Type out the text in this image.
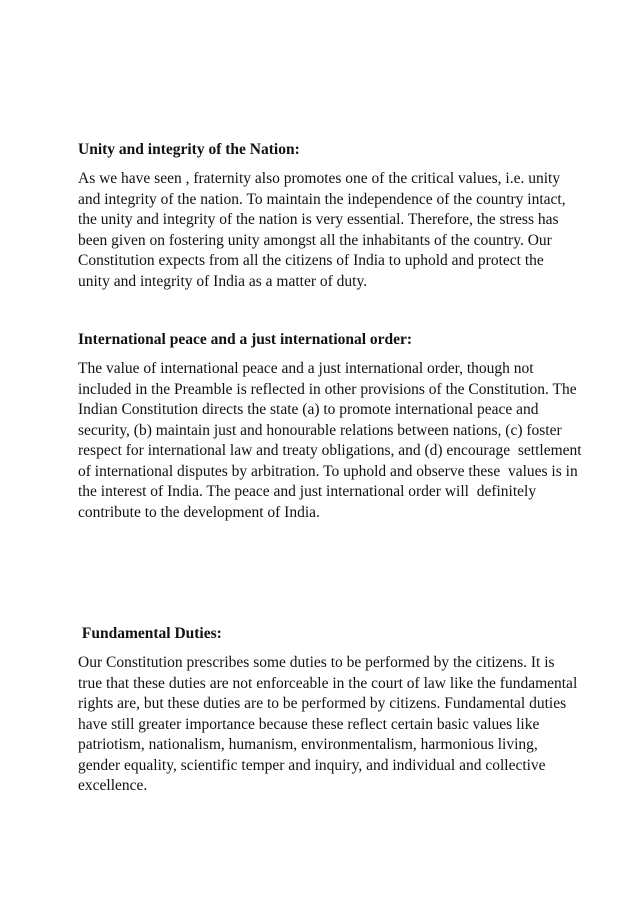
Unity and integrity of the Nation:

As we have seen , fraternity also promotes one of the critical values, i.e. unity
and integrity of the nation. To maintain the independence of the country intact,
the unity and integrity of the nation is very essential. Therefore, the stress has
been given on fostering unity amongst all the inhabitants of the country. Our
Constitution expects from all the citizens of India to uphold and protect the
unity and integrity of India as a matter of duty.

International peace and a just international order:

The value of international peace and a just international order, though not
included in the Preamble is reflected in other provisions of the Constitution. The
Indian Constitution directs the state (a) to promote international peace and
security, (b) maintain just and honourable relations between nations, (c) foster
respect for international law and treaty obligations, and (d) encourage  settlement
of international disputes by arbitration. To uphold and observe these  values is in
the interest of India. The peace and just international order will  definitely
contribute to the development of India.

Fundamental Duties:

Our Constitution prescribes some duties to be performed by the citizens. It is
true that these duties are not enforceable in the court of law like the fundamental
rights are, but these duties are to be performed by citizens. Fundamental duties
have still greater importance because these reflect certain basic values like
patriotism, nationalism, humanism, environmentalism, harmonious living,
gender equality, scientific temper and inquiry, and individual and collective
excellence.
